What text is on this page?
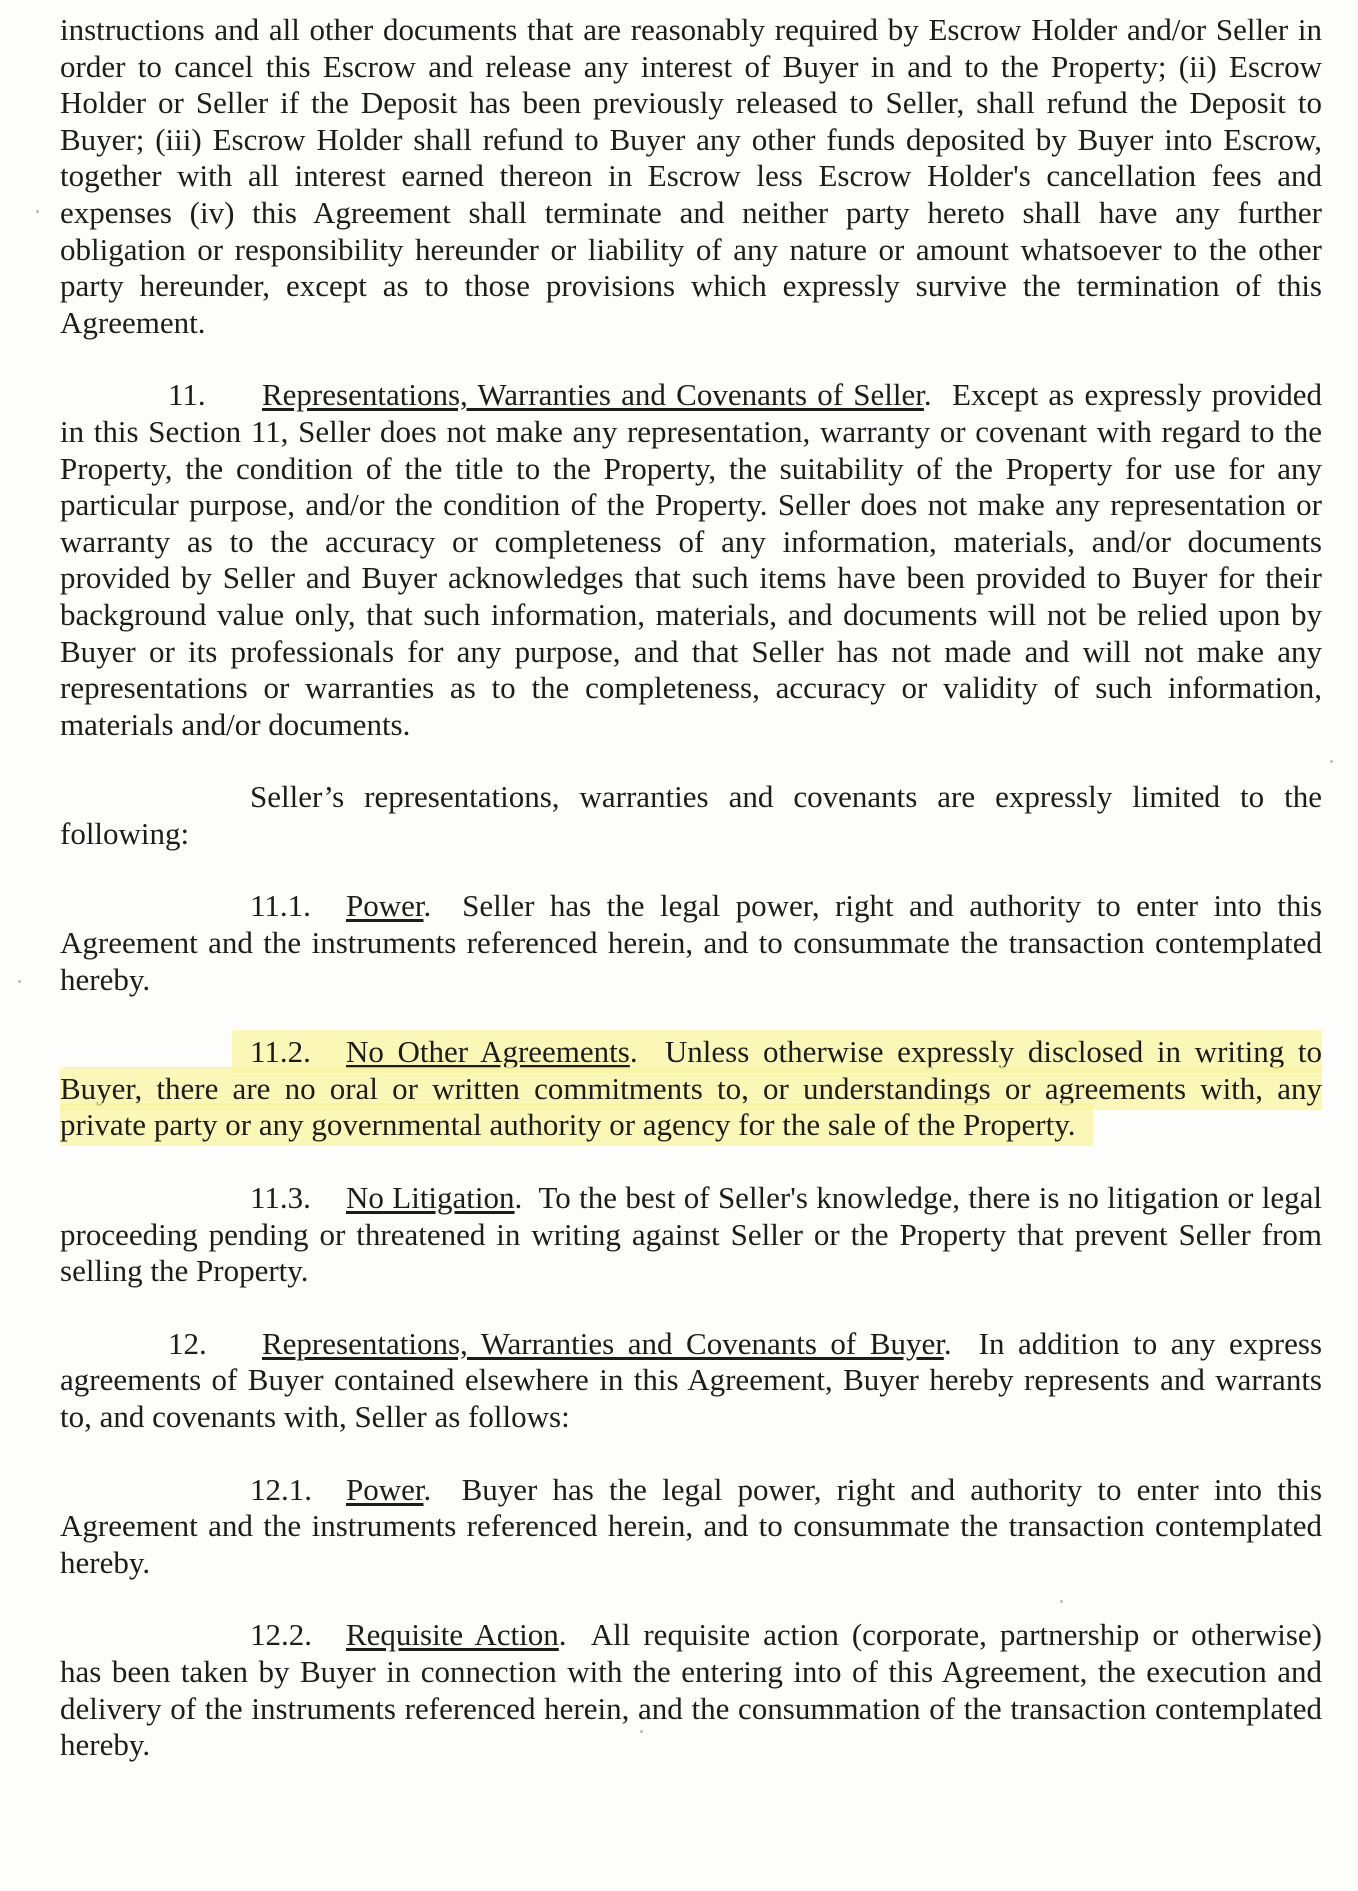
instructions and all other documents that are reasonably required by Escrow Holder and/or Seller in order to cancel this Escrow and release any interest of Buyer in and to the Property; (ii) Escrow Holder or Seller if the Deposit has been previously released to Seller, shall refund the Deposit to Buyer; (iii) Escrow Holder shall refund to Buyer any other funds deposited by Buyer into Escrow, together with all interest earned thereon in Escrow less Escrow Holder's cancellation fees and expenses (iv) this Agreement shall terminate and neither party hereto shall have any further obligation or responsibility hereunder or liability of any nature or amount whatsoever to the other party hereunder, except as to those provisions which expressly survive the termination of this Agreement.

11. Representations, Warranties and Covenants of Seller.  Except as expressly provided in this Section 11, Seller does not make any representation, warranty or covenant with regard to the Property, the condition of the title to the Property, the suitability of the Property for use for any particular purpose, and/or the condition of the Property. Seller does not make any representation or warranty as to the accuracy or completeness of any information, materials, and/or documents provided by Seller and Buyer acknowledges that such items have been provided to Buyer for their background value only, that such information, materials, and documents will not be relied upon by Buyer or its professionals for any purpose, and that Seller has not made and will not make any representations or warranties as to the completeness, accuracy or validity of such information, materials and/or documents.

Seller’s representations, warranties and covenants are expressly limited to the following:

11.1. Power.  Seller has the legal power, right and authority to enter into this Agreement and the instruments referenced herein, and to consummate the transaction contemplated hereby.

11.2. No Other Agreements.  Unless otherwise expressly disclosed in writing to Buyer, there are no oral or written commitments to, or understandings or agreements with, any private party or any governmental authority or agency for the sale of the Property.

11.3. No Litigation.  To the best of Seller's knowledge, there is no litigation or legal proceeding pending or threatened in writing against Seller or the Property that prevent Seller from selling the Property.

12. Representations, Warranties and Covenants of Buyer.  In addition to any express agreements of Buyer contained elsewhere in this Agreement, Buyer hereby represents and warrants to, and covenants with, Seller as follows:

12.1. Power.  Buyer has the legal power, right and authority to enter into this Agreement and the instruments referenced herein, and to consummate the transaction contemplated hereby.

12.2. Requisite Action.  All requisite action (corporate, partnership or otherwise) has been taken by Buyer in connection with the entering into of this Agreement, the execution and delivery of the instruments referenced herein, and the consummation of the transaction contemplated hereby.
